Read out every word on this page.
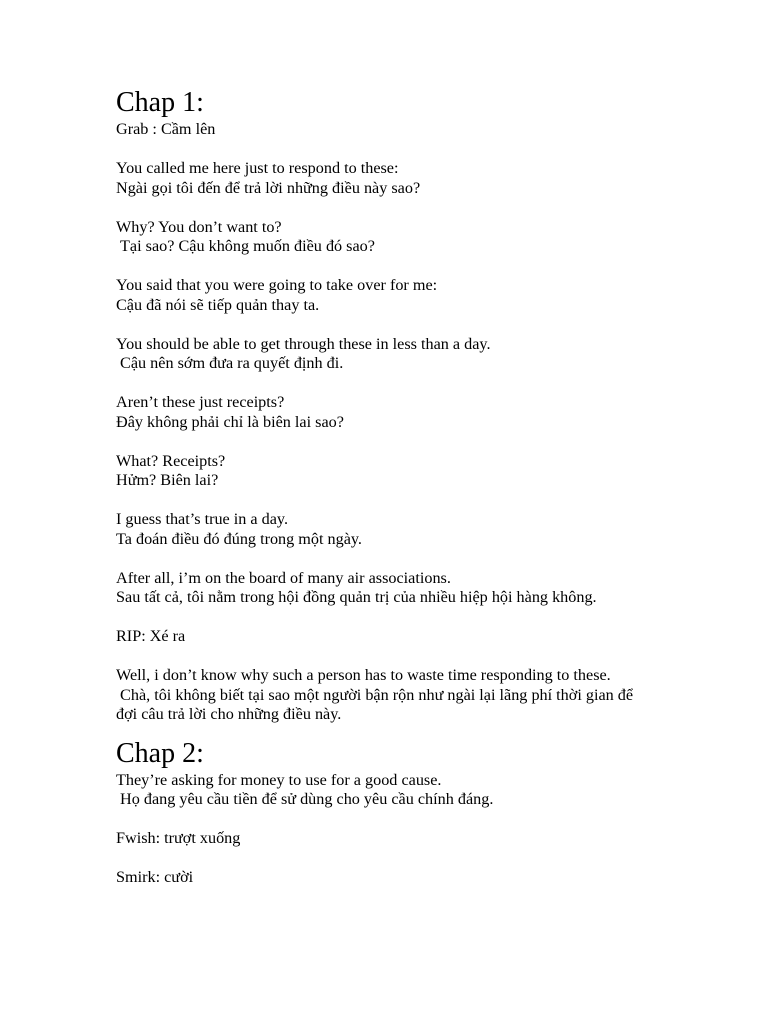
Chap 1:

Grab : Cầm lên

You called me here just to respond to these:

Ngài gọi tôi đến để trả lời những điều này sao?

Why? You don’t want to?

Tại sao? Cậu không muốn điều đó sao?

You said that you were going to take over for me:

Cậu đã nói sẽ tiếp quản thay ta.

You should be able to get through these in less than a day.

Cậu nên sớm đưa ra quyết định đi.

Aren’t these just receipts?

Đây không phải chỉ là biên lai sao?

What? Receipts?

Hửm? Biên lai?

I guess that’s true in a day.

Ta đoán điều đó đúng trong một ngày.

After all, i’m on the board of many air associations.

Sau tất cả, tôi nằm trong hội đồng quản trị của nhiều hiệp hội hàng không.

RIP: Xé ra

Well, i don’t know why such a person has to waste time responding to these.

Chà, tôi không biết tại sao một người bận rộn như ngài lại lãng phí thời gian để đợi câu trả lời cho những điều này.

Chap 2:

They’re asking for money to use for a good cause.

Họ đang yêu cầu tiền để sử dùng cho yêu cầu chính đáng.

Fwish: trượt xuống

Smirk: cười
